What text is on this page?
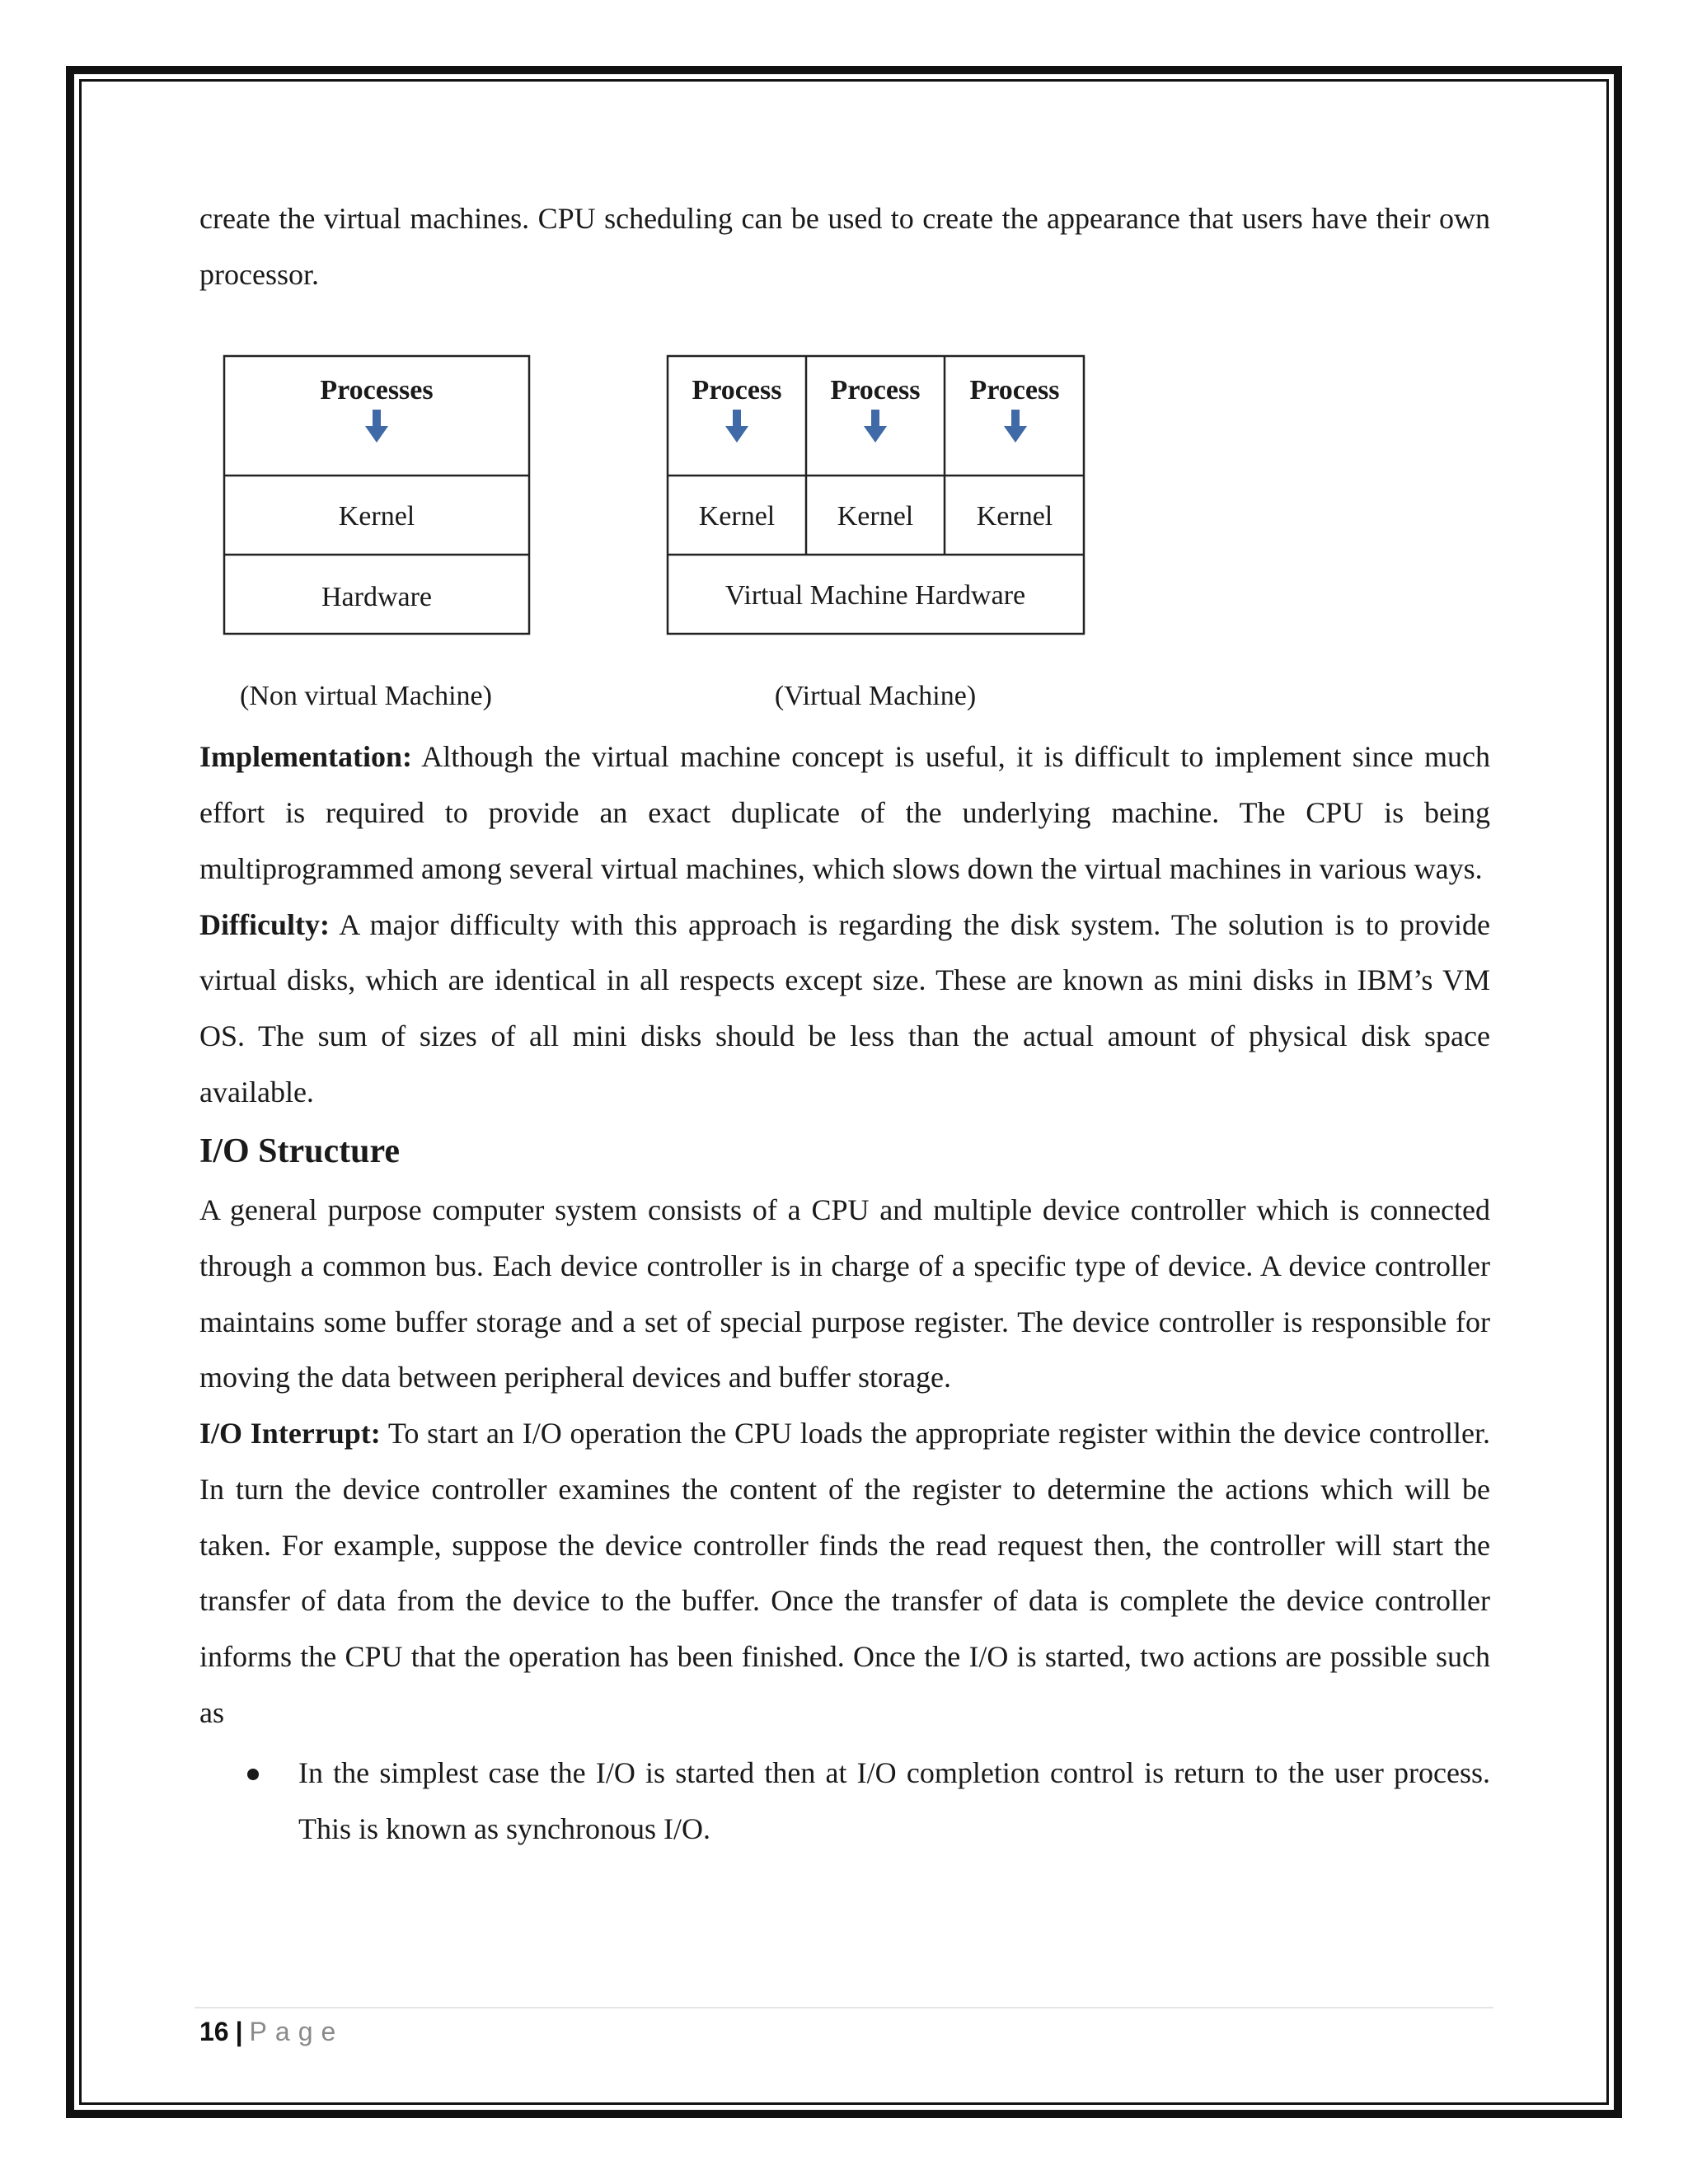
create the virtual machines. CPU scheduling can be used to create the appearance that users have their own processor.

Processes
Kernel
Hardware
(Non virtual Machine)
Process Process Process
Kernel Kernel Kernel
Virtual Machine Hardware
(Virtual Machine)

Implementation: Although the virtual machine concept is useful, it is difficult to implement since much effort is required to provide an exact duplicate of the underlying machine. The CPU is being multiprogrammed among several virtual machines, which slows down the virtual machines in various ways.

Difficulty: A major difficulty with this approach is regarding the disk system. The solution is to provide virtual disks, which are identical in all respects except size. These are known as mini disks in IBM’s VM OS. The sum of sizes of all mini disks should be less than the actual amount of physical disk space available.

I/O Structure

A general purpose computer system consists of a CPU and multiple device controller which is connected through a common bus. Each device controller is in charge of a specific type of device. A device controller maintains some buffer storage and a set of special purpose register. The device controller is responsible for moving the data between peripheral devices and buffer storage.

I/O Interrupt: To start an I/O operation the CPU loads the appropriate register within the device controller. In turn the device controller examines the content of the register to determine the actions which will be taken. For example, suppose the device controller finds the read request then, the controller will start the transfer of data from the device to the buffer. Once the transfer of data is complete the device controller informs the CPU that the operation has been finished. Once the I/O is started, two actions are possible such as

In the simplest case the I/O is started then at I/O completion control is return to the user process. This is known as synchronous I/O.
16 | Page
